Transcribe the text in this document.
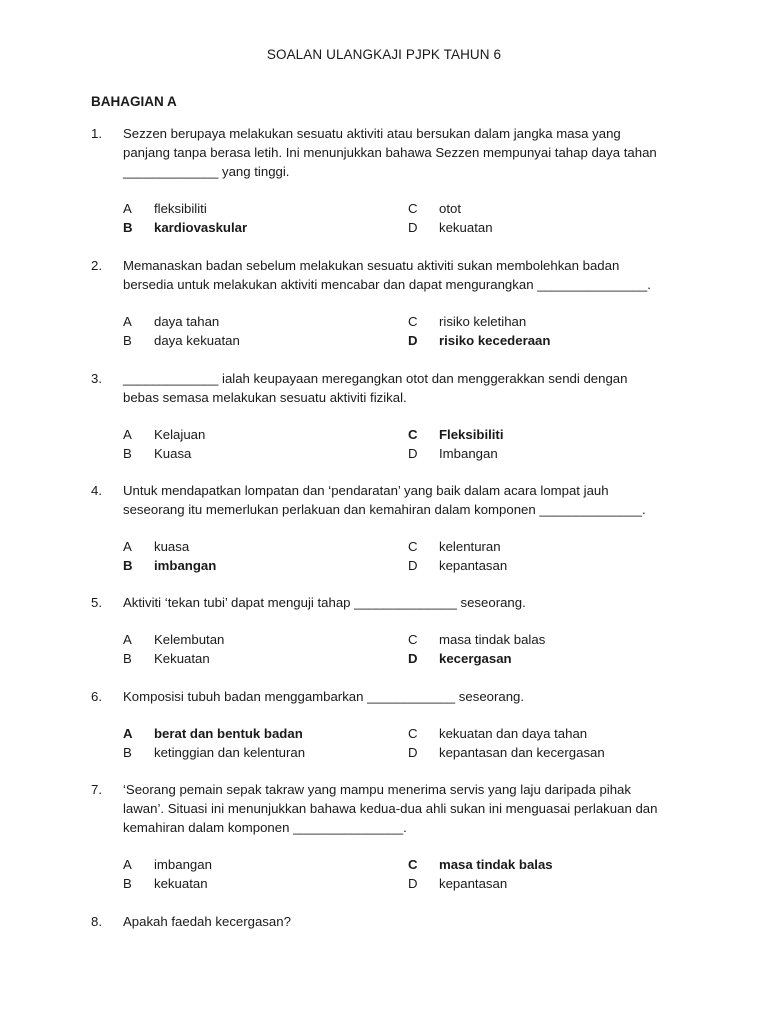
SOALAN ULANGKAJI PJPK TAHUN 6
BAHAGIAN A
1. Sezzen berupaya melakukan sesuatu aktiviti atau bersukan dalam jangka masa yang panjang tanpa berasa letih. Ini menunjukkan bahawa Sezzen mempunyai tahap daya tahan _____________ yang tinggi.
A fleksibiliti	C otot
B kardiovaskular	D kekuatan
2. Memanaskan badan sebelum melakukan sesuatu aktiviti sukan membolehkan badan bersedia untuk melakukan aktiviti mencabar dan dapat mengurangkan _______________.
A daya tahan	C risiko keletihan
B daya kekuatan	D risiko kecederaan
3. _____________ ialah keupayaan meregangkan otot dan menggerakkan sendi dengan bebas semasa melakukan sesuatu aktiviti fizikal.
A Kelajuan	C Fleksibiliti
B Kuasa	D Imbangan
4. Untuk mendapatkan lompatan dan ‘pendaratan’ yang baik dalam acara lompat jauh seseorang itu memerlukan perlakuan dan kemahiran dalam komponen ______________.
A kuasa	C kelenturan
B imbangan	D kepantasan
5. Aktiviti ‘tekan tubi’ dapat menguji tahap ______________ seseorang.
A Kelembutan	C masa tindak balas
B Kekuatan	D kecergasan
6. Komposisi tubuh badan menggambarkan ____________ seseorang.
A berat dan bentuk badan	C kekuatan dan daya tahan
B ketinggian dan kelenturan	D kepantasan dan kecergasan
7. ‘Seorang pemain sepak takraw yang mampu menerima servis yang laju daripada pihak lawan’. Situasi ini menunjukkan bahawa kedua-dua ahli sukan ini menguasai perlakuan dan kemahiran dalam komponen _______________.
A imbangan	C masa tindak balas
B kekuatan	D kepantasan
8. Apakah faedah kecergasan?
